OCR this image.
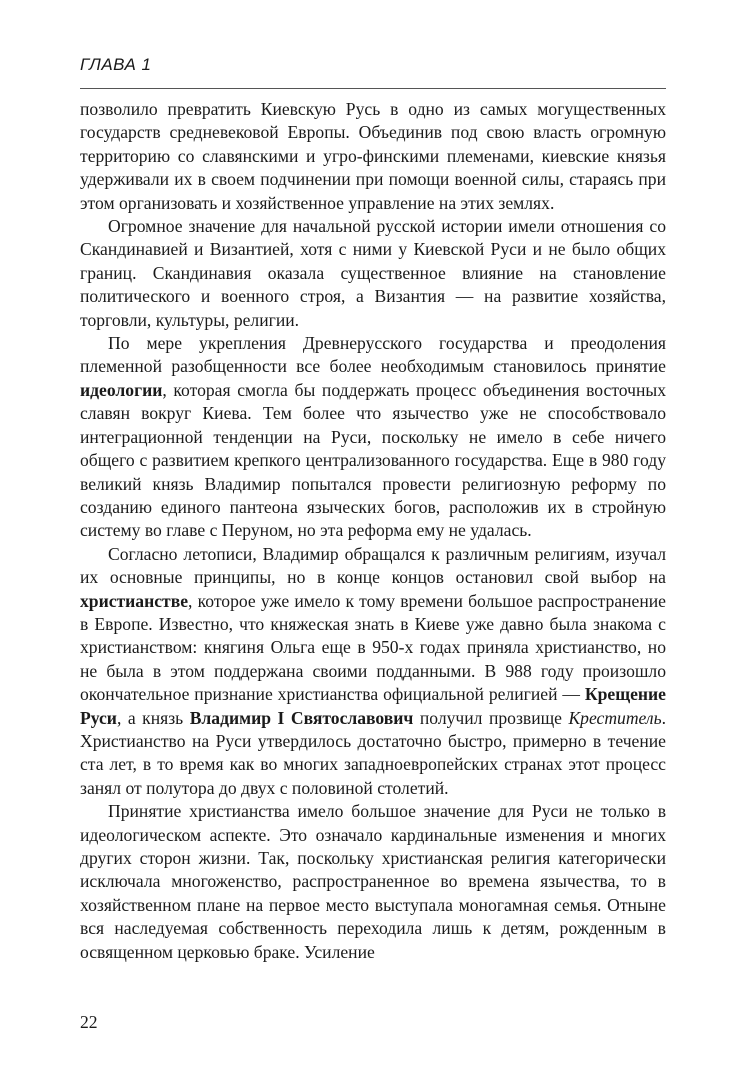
ГЛАВА 1

позволило превратить Киевскую Русь в одно из самых могущественных государств средневековой Европы. Объединив под свою власть огромную территорию со славянскими и угро-финскими племенами, киевские князья удерживали их в своем подчинении при помощи военной силы, стараясь при этом организовать и хозяйственное управление на этих землях.

Огромное значение для начальной русской истории имели отношения со Скандинавией и Византией, хотя с ними у Киевской Руси и не было общих границ. Скандинавия оказала существенное влияние на становление политического и военного строя, а Византия — на развитие хозяйства, торговли, культуры, религии.

По мере укрепления Древнерусского государства и преодоления племенной разобщенности все более необходимым становилось принятие идеологии, которая смогла бы поддержать процесс объединения восточных славян вокруг Киева. Тем более что язычество уже не способствовало интеграционной тенденции на Руси, поскольку не имело в себе ничего общего с развитием крепкого централизованного государства. Еще в 980 году великий князь Владимир попытался провести религиозную реформу по созданию единого пантеона языческих богов, расположив их в стройную систему во главе с Перуном, но эта реформа ему не удалась.

Согласно летописи, Владимир обращался к различным религиям, изучал их основные принципы, но в конце концов остановил свой выбор на христианстве, которое уже имело к тому времени большое распространение в Европе. Известно, что княжеская знать в Киеве уже давно была знакома с христианством: княгиня Ольга еще в 950-х годах приняла христианство, но не была в этом поддержана своими подданными. В 988 году произошло окончательное признание христианства официальной религией — Крещение Руси, а князь Владимир I Святославович получил прозвище Креститель. Христианство на Руси утвердилось достаточно быстро, примерно в течение ста лет, в то время как во многих западноевропейских странах этот процесс занял от полутора до двух с половиной столетий.

Принятие христианства имело большое значение для Руси не только в идеологическом аспекте. Это означало кардинальные изменения и многих других сторон жизни. Так, поскольку христианская религия категорически исключала многоженство, распространенное во времена язычества, то в хозяйственном плане на первое место выступала моногамная семья. Отныне вся наследуемая собственность переходила лишь к детям, рожденным в освященном церковью браке. Усиление

22
